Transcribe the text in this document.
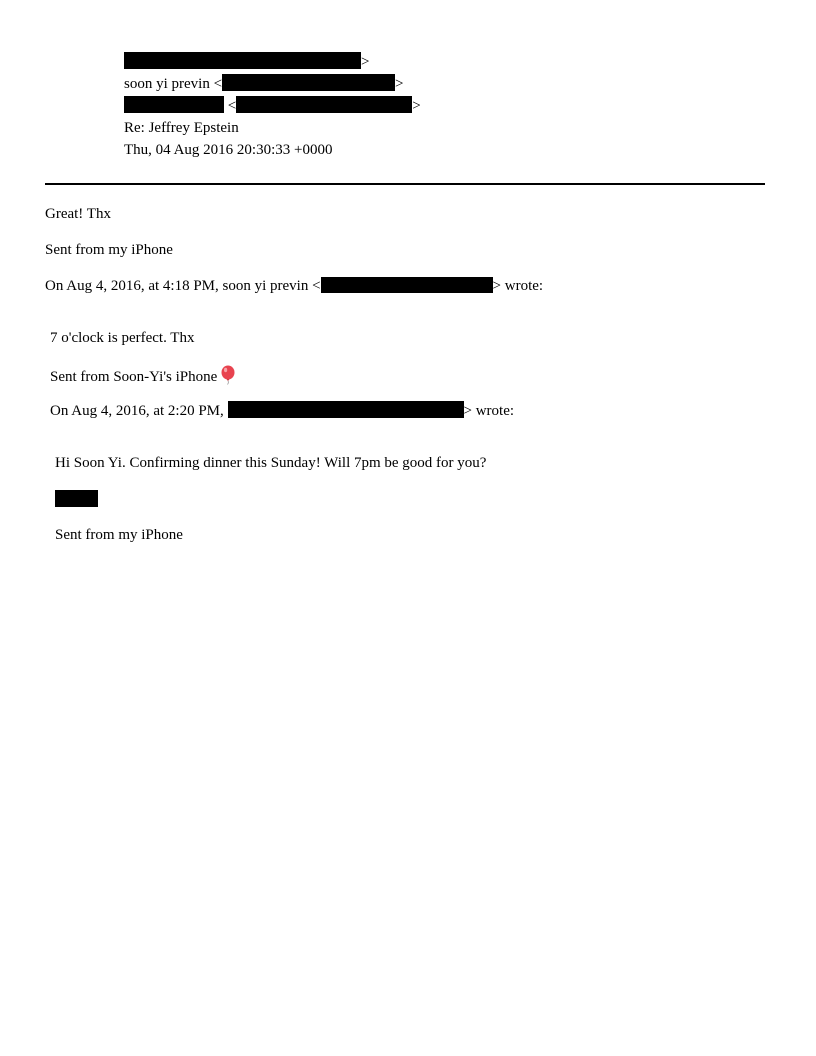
>
soon yi previn <	>
<	>
Re: Jeffrey Epstein
Thu, 04 Aug 2016 20:30:33 +0000
Great! Thx
Sent from my iPhone
On Aug 4, 2016, at 4:18 PM, soon yi previn <	> wrote:
7 o'clock is perfect. Thx
Sent from Soon-Yi's iPhone
On Aug 4, 2016, at 2:20 PM,	> wrote:
Hi Soon Yi. Confirming dinner this Sunday! Will 7pm be good for you?
Sent from my iPhone
